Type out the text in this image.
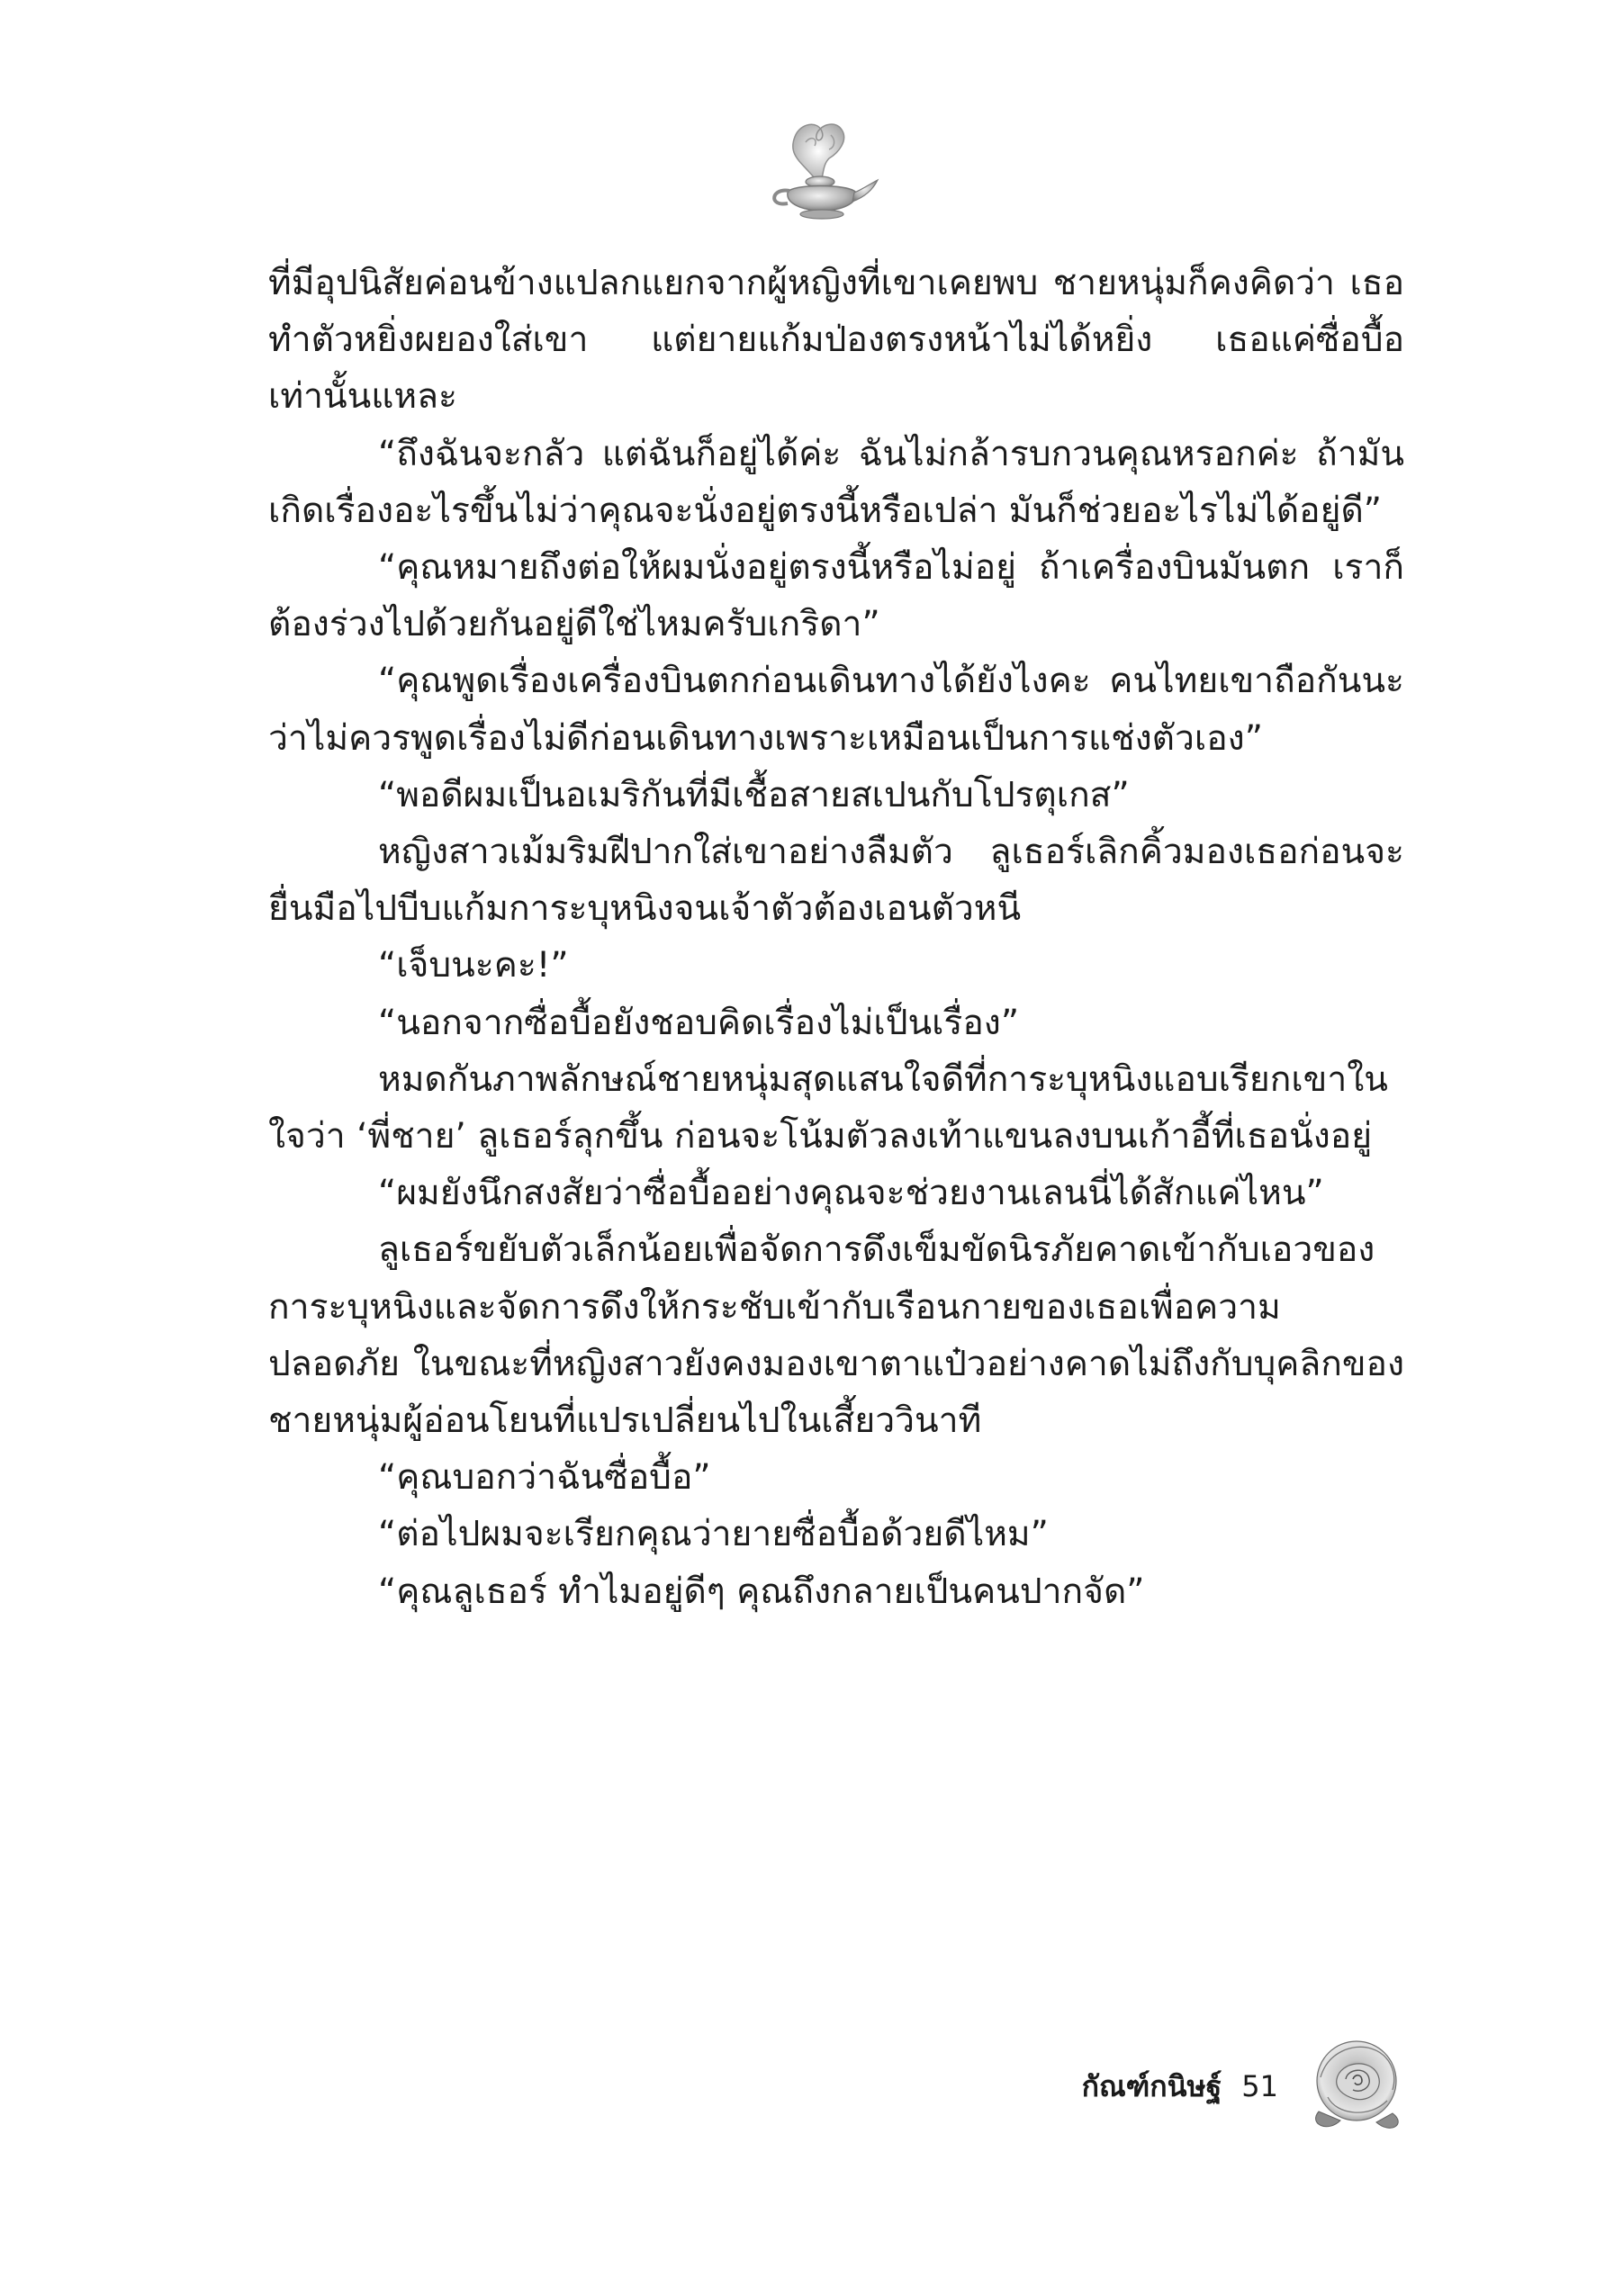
ที่มีอุปนิสัยค่อนข้างแปลกแยกจากผู้หญิงที่เขาเคยพบ ชายหนุ่มก็คงคิดว่า เธอทำตัวหยิ่งผยองใส่เขา แต่ยายแก้มป่องตรงหน้าไม่ได้หยิ่ง เธอแค่ซื่อบื้อ เท่านั้นแหละ

“ถึงฉันจะกลัว แต่ฉันก็อยู่ได้ค่ะ ฉันไม่กล้ารบกวนคุณหรอกค่ะ ถ้ามันเกิดเรื่องอะไรขึ้นไม่ว่าคุณจะนั่งอยู่ตรงนี้หรือเปล่า มันก็ช่วยอะไรไม่ได้อยู่ดี”

“คุณหมายถึงต่อให้ผมนั่งอยู่ตรงนี้หรือไม่อยู่ ถ้าเครื่องบินมันตก เราก็ต้องร่วงไปด้วยกันอยู่ดีใช่ไหมครับเกริดา”

“คุณพูดเรื่องเครื่องบินตกก่อนเดินทางได้ยังไงคะ คนไทยเขาถือกันนะว่าไม่ควรพูดเรื่องไม่ดีก่อนเดินทางเพราะเหมือนเป็นการแช่งตัวเอง”

“พอดีผมเป็นอเมริกันที่มีเชื้อสายสเปนกับโปรตุเกส”

หญิงสาวเม้มริมฝีปากใส่เขาอย่างลืมตัว ลูเธอร์เลิกคิ้วมองเธอก่อนจะยื่นมือไปบีบแก้มการะบุหนิงจนเจ้าตัวต้องเอนตัวหนี

“เจ็บนะคะ!”

“นอกจากซื่อบื้อยังชอบคิดเรื่องไม่เป็นเรื่อง”

หมดกันภาพลักษณ์ชายหนุ่มสุดแสนใจดีที่การะบุหนิงแอบเรียกเขาในใจว่า ‘พี่ชาย’ ลูเธอร์ลุกขึ้น ก่อนจะโน้มตัวลงเท้าแขนลงบนเก้าอี้ที่เธอนั่งอยู่

“ผมยังนึกสงสัยว่าซื่อบื้ออย่างคุณจะช่วยงานเลนนี่ได้สักแค่ไหน”

ลูเธอร์ขยับตัวเล็กน้อยเพื่อจัดการดึงเข็มขัดนิรภัยคาดเข้ากับเอวของการะบุหนิงและจัดการดึงให้กระชับเข้ากับเรือนกายของเธอเพื่อความปลอดภัย ในขณะที่หญิงสาวยังคงมองเขาตาแป๋วอย่างคาดไม่ถึงกับบุคลิกของชายหนุ่มผู้อ่อนโยนที่แปรเปลี่ยนไปในเสี้ยววินาที

“คุณบอกว่าฉันซื่อบื้อ”

“ต่อไปผมจะเรียกคุณว่ายายซื่อบื้อด้วยดีไหม”

“คุณลูเธอร์ ทำไมอยู่ดีๆ คุณถึงกลายเป็นคนปากจัด”

กัณฑ์กนิษฐ์ 51
